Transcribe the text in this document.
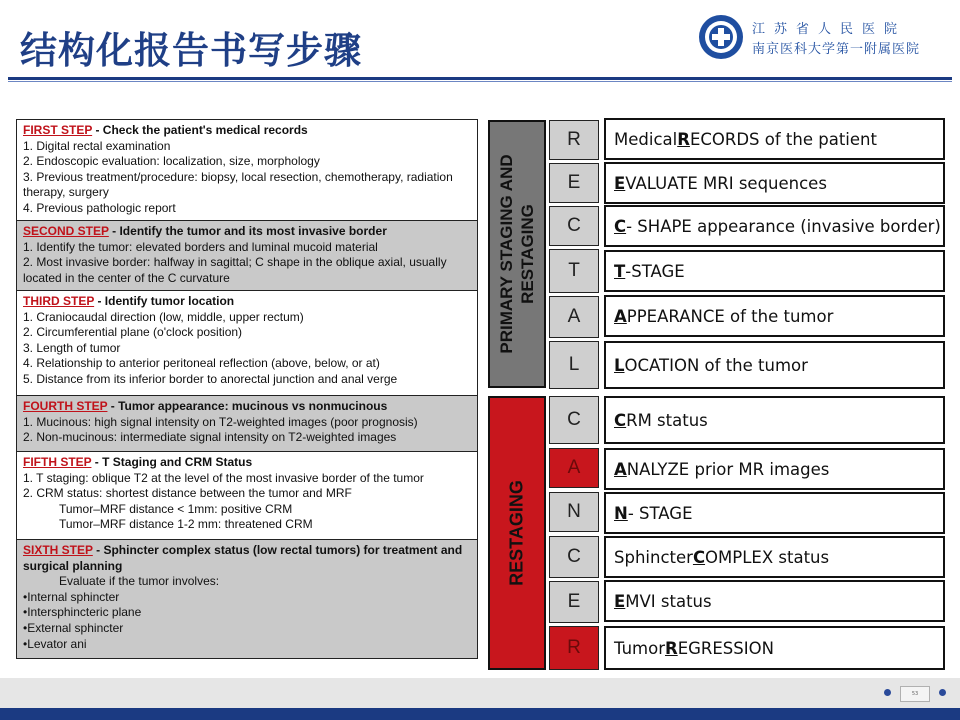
结构化报告书写步骤	江苏省人民医院
南京医科大学第一附属医院
FIRST STEP - Check the patient's medical records
1. Digital rectal examination
2. Endoscopic evaluation: localization, size, morphology
3. Previous treatment/procedure: biopsy, local resection, chemotherapy, radiation therapy, surgery
4. Previous pathologic report
SECOND STEP - Identify the tumor and its most invasive border
1. Identify the tumor: elevated borders and luminal mucoid material
2. Most invasive border: halfway in sagittal; C shape in the oblique axial, usually located in the center of the C curvature
THIRD STEP - Identify tumor location
1. Craniocaudal direction (low, middle, upper rectum)
2. Circumferential plane (o'clock position)
3. Length of tumor
4. Relationship to anterior peritoneal reflection (above, below, or at)
5. Distance from its inferior border to anorectal junction and anal verge
FOURTH STEP - Tumor appearance: mucinous vs nonmucinous
1. Mucinous: high signal intensity on T2-weighted images (poor prognosis)
2. Non-mucinous: intermediate signal intensity on T2-weighted images
FIFTH STEP - T Staging and CRM Status
1. T staging: oblique T2 at the level of the most invasive border of the tumor
2. CRM status: shortest distance between the tumor and MRF
Tumor–MRF distance < 1mm: positive CRM
Tumor–MRF distance 1-2 mm: threatened CRM
SIXTH STEP - Sphincter complex status (low rectal tumors) for treatment and surgical planning
Evaluate if the tumor involves:
•Internal sphincter
•Intersphincteric plane
•External sphincter
•Levator ani
PRIMARY STAGING AND RESTAGING
RESTAGING
R
E
C
T
A
L
C
A
N
C
E
R
Medical R ECORDS of the patient
E VALUATE MRI sequences
C - SHAPE appearance (invasive border)
T -STAGE
A PPEARANCE of the tumor
L OCATION of the tumor
C RM status
A NALYZE prior MR images
N - STAGE
Sphincter C OMPLEX status
E MVI status
Tumor R EGRESSION
53
